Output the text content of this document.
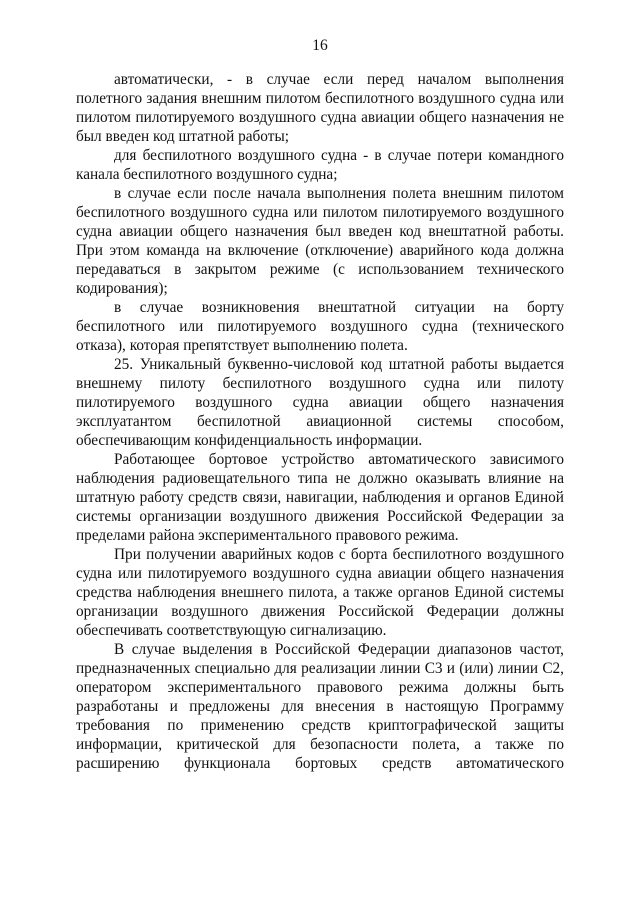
16

автоматически, - в случае если перед началом выполнения полетного задания внешним пилотом беспилотного воздушного судна или пилотом пилотируемого воздушного судна авиации общего назначения не был введен код штатной работы;

для беспилотного воздушного судна - в случае потери командного канала беспилотного воздушного судна;

в случае если после начала выполнения полета внешним пилотом беспилотного воздушного судна или пилотом пилотируемого воздушного судна авиации общего назначения был введен код внештатной работы. При этом команда на включение (отключение) аварийного кода должна передаваться в закрытом режиме (с использованием технического кодирования);

в случае возникновения внештатной ситуации на борту беспилотного или пилотируемого воздушного судна (технического отказа), которая препятствует выполнению полета.

25. Уникальный буквенно-числовой код штатной работы выдается внешнему пилоту беспилотного воздушного судна или пилоту пилотируемого воздушного судна авиации общего назначения эксплуатантом беспилотной авиационной системы способом, обеспечивающим конфиденциальность информации.

Работающее бортовое устройство автоматического зависимого наблюдения радиовещательного типа не должно оказывать влияние на штатную работу средств связи, навигации, наблюдения и органов Единой системы организации воздушного движения Российской Федерации за пределами района экспериментального правового режима.

При получении аварийных кодов с борта беспилотного воздушного судна или пилотируемого воздушного судна авиации общего назначения средства наблюдения внешнего пилота, а также органов Единой системы организации воздушного движения Российской Федерации должны обеспечивать соответствующую сигнализацию.

В случае выделения в Российской Федерации диапазонов частот, предназначенных специально для реализации линии С3 и (или) линии С2, оператором экспериментального правового режима должны быть разработаны и предложены для внесения в настоящую Программу требования по применению средств криптографической защиты информации, критической для безопасности полета, а также по расширению функционала бортовых средств автоматического
